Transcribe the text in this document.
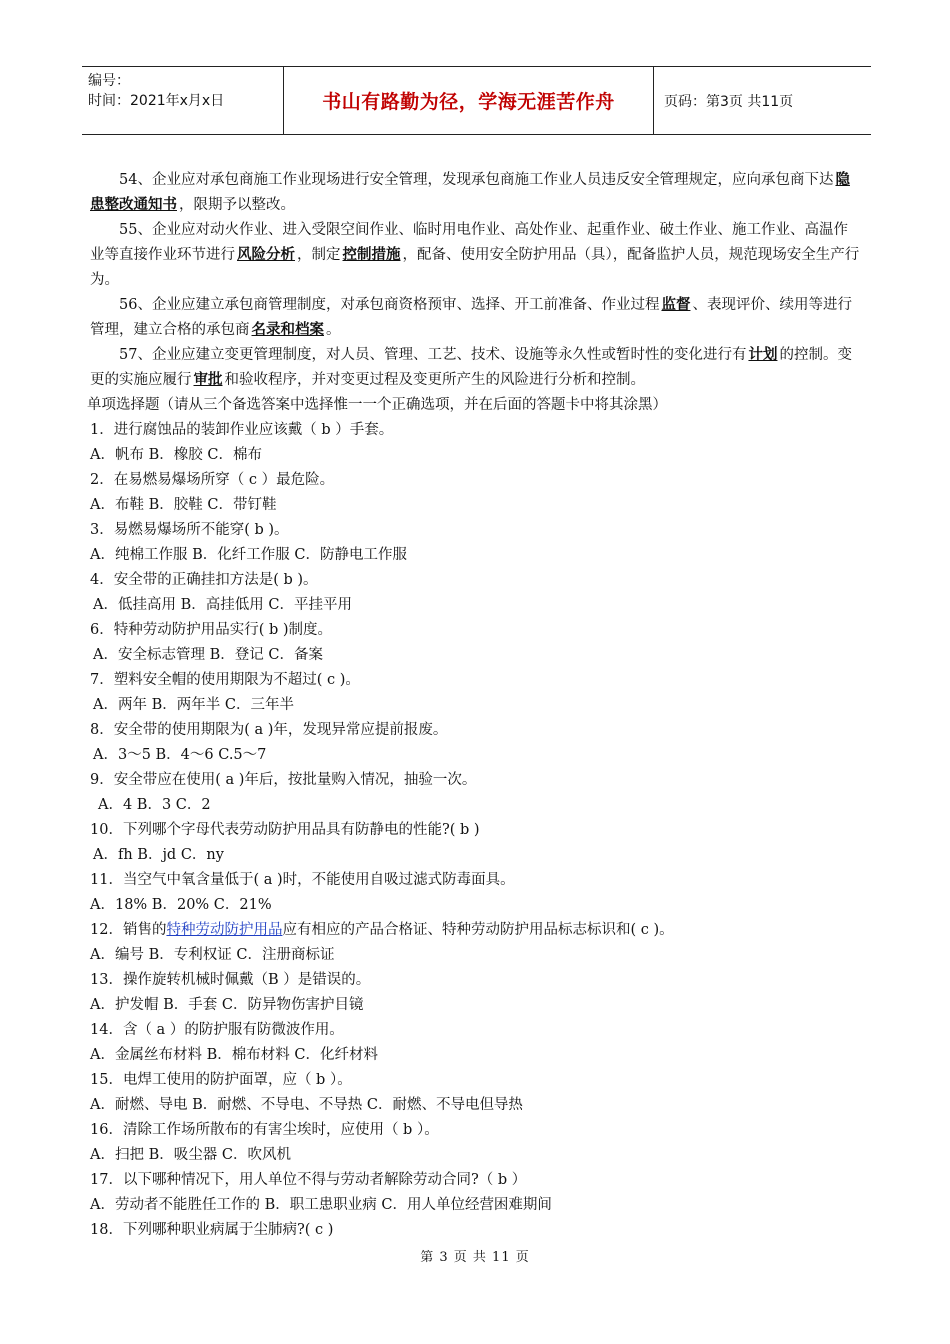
编号：
时间：2021年x月x日	书山有路勤为径，学海无涯苦作舟	页码：第3页 共11页

54、企业应对承包商施工作业现场进行安全管理，发现承包商施工作业人员违反安全管理规定，应向承包商下达 隐患整改通知书 ，限期予以整改。

55、企业应对动火作业、进入受限空间作业、临时用电作业、高处作业、起重作业、破土作业、施工作业、高温作业等直接作业环节进行 风险分析 ，制定 控制措施 ，配备、使用安全防护用品（具），配备监护人员，规范现场安全生产行为。

56、企业应建立承包商管理制度，对承包商资格预审、选择、开工前准备、作业过程 监督 、表现评价、续用等进行管理，建立合格的承包商 名录和档案 。

57、企业应建立变更管理制度，对人员、管理、工艺、技术、设施等永久性或暂时性的变化进行有 计划 的控制。变更的实施应履行 审批 和验收程序，并对变更过程及变更所产生的风险进行分析和控制。

单项选择题（请从三个备选答案中选择惟一一个正确选项，并在后面的答题卡中将其涂黑）

1．进行腐蚀品的装卸作业应该戴（ b ）手套。

A．帆布 B．橡胶 C．棉布

2．在易燃易爆场所穿（ c ）最危险。

A．布鞋 B．胶鞋 C．带钉鞋

3．易燃易爆场所不能穿( b )。

A．纯棉工作服 B．化纤工作服 C．防静电工作服

4．安全带的正确挂扣方法是( b )。

A．低挂高用 B．高挂低用 C．平挂平用

6．特种劳动防护用品实行( b )制度。

A．安全标志管理 B．登记 C．备案

7．塑料安全帽的使用期限为不超过( c )。

A．两年 B．两年半 C．三年半

8．安全带的使用期限为( a )年，发现异常应提前报废。

A．3～5 B．4～6 C.5～7

9．安全带应在使用( a )年后，按批量购入情况，抽验一次。

A．4 B．3 C．2

10．下列哪个字母代表劳动防护用品具有防静电的性能?( b )

A．fh B．jd C．ny

11．当空气中氧含量低于( a )时，不能使用自吸过滤式防毒面具。

A．18% B．20% C．21%

12．销售的特种劳动防护用品应有相应的产品合格证、特种劳动防护用品标志标识和( c )。

A．编号 B．专利权证 C．注册商标证

13．操作旋转机械时佩戴（B ）是错误的。

A．护发帽 B．手套 C．防异物伤害护目镜

14．含（ a ）的防护服有防微波作用。

A．金属丝布材料 B．棉布材料 C．化纤材料

15．电焊工使用的防护面罩，应（ b ）。

A．耐燃、导电 B．耐燃、不导电、不导热 C．耐燃、不导电但导热

16．清除工作场所散布的有害尘埃时，应使用（ b ）。

A．扫把 B．吸尘器 C．吹风机

17．以下哪种情况下，用人单位不得与劳动者解除劳动合同?（ b ）

A．劳动者不能胜任工作的 B．职工患职业病 C．用人单位经营困难期间

18．下列哪种职业病属于尘肺病?( c )

第 3 页 共 11 页
